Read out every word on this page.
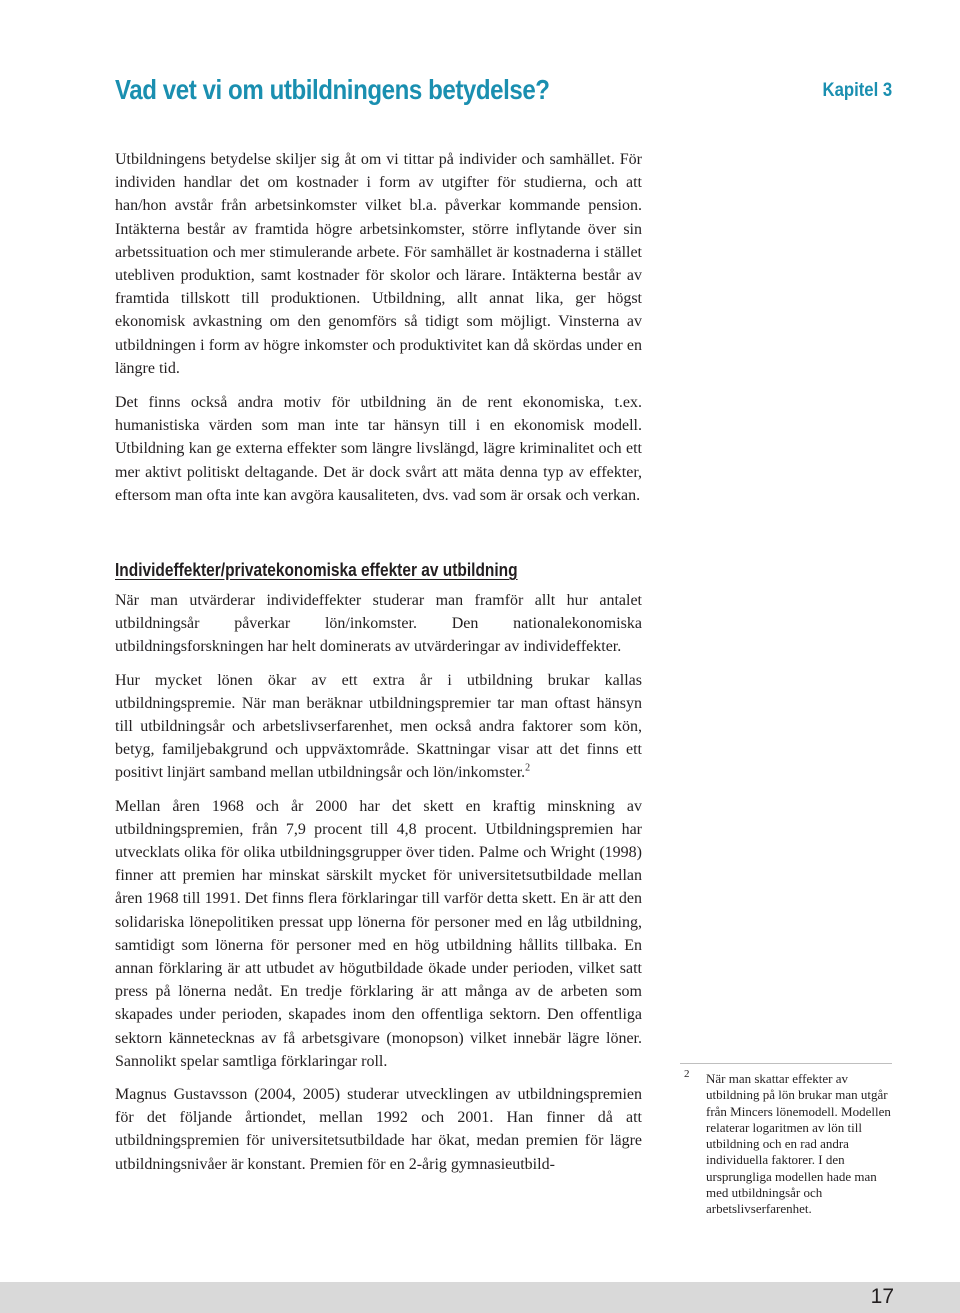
Vad vet vi om utbildningens betydelse?	Kapitel 3

Utbildningens betydelse skiljer sig åt om vi tittar på individer och samhället. För individen handlar det om kostnader i form av utgifter för studierna, och att han/hon avstår från arbetsinkomster vilket bl.a. påverkar kommande pension. Intäkterna består av framtida högre arbetsinkomster, större inflytande över sin arbetssituation och mer stimulerande arbete. För samhället är kostnaderna i stället utebliven produktion, samt kostnader för skolor och lärare. Intäkterna består av framtida tillskott till produktionen. Utbildning, allt annat lika, ger högst ekonomisk avkastning om den genomförs så tidigt som möjligt. Vinsterna av utbildningen i form av högre inkomster och produktivitet kan då skördas under en längre tid.

Det finns också andra motiv för utbildning än de rent ekonomiska, t.ex. humanistiska värden som man inte tar hänsyn till i en ekonomisk modell. Utbildning kan ge externa effekter som längre livslängd, lägre kriminalitet och ett mer aktivt politiskt deltagande. Det är dock svårt att mäta denna typ av effekter, eftersom man ofta inte kan avgöra kausaliteten, dvs. vad som är orsak och verkan.

Individeffekter/privatekonomiska effekter av utbildning

När man utvärderar individeffekter studerar man framför allt hur antalet utbildningsår påverkar lön/inkomster. Den nationalekonomiska utbildningsforskningen har helt dominerats av utvärderingar av individeffekter.

Hur mycket lönen ökar av ett extra år i utbildning brukar kallas utbildningspremie. När man beräknar utbildningspremier tar man oftast hänsyn till utbildningsår och arbetslivserfarenhet, men också andra faktorer som kön, betyg, familjebakgrund och uppväxtområde. Skattningar visar att det finns ett positivt linjärt samband mellan utbildningsår och lön/inkomster.$^2$

Mellan åren 1968 och år 2000 har det skett en kraftig minskning av utbildningspremien, från 7,9 procent till 4,8 procent. Utbildningspremien har utvecklats olika för olika utbildningsgrupper över tiden. Palme och Wright (1998) finner att premien har minskat särskilt mycket för universitetsutbildade mellan åren 1968 till 1991. Det finns flera förklaringar till varför detta skett. En är att den solidariska lönepolitiken pressat upp lönerna för personer med en låg utbildning, samtidigt som lönerna för personer med en hög utbildning hållits tillbaka. En annan förklaring är att utbudet av högutbildade ökade under perioden, vilket satt press på lönerna nedåt. En tredje förklaring är att många av de arbeten som skapades under perioden, skapades inom den offentliga sektorn. Den offentliga sektorn kännetecknas av få arbetsgivare (monopson) vilket innebär lägre löner. Sannolikt spelar samtliga förklaringar roll.

Magnus Gustavsson (2004, 2005) studerar utvecklingen av utbildningspremien för det följande årtiondet, mellan 1992 och 2001. Han finner då att utbildningspremien för universitetsutbildade har ökat, medan premien för lägre utbildningsnivåer är konstant. Premien för en 2-årig gymnasieutbild-

2 När man skattar effekter av utbildning på lön brukar man utgår från Mincers lönemodell. Modellen relaterar logaritmen av lön till utbildning och en rad andra individuella faktorer. I den ursprungliga modellen hade man med utbildningsår och arbetslivserfarenhet.

17
